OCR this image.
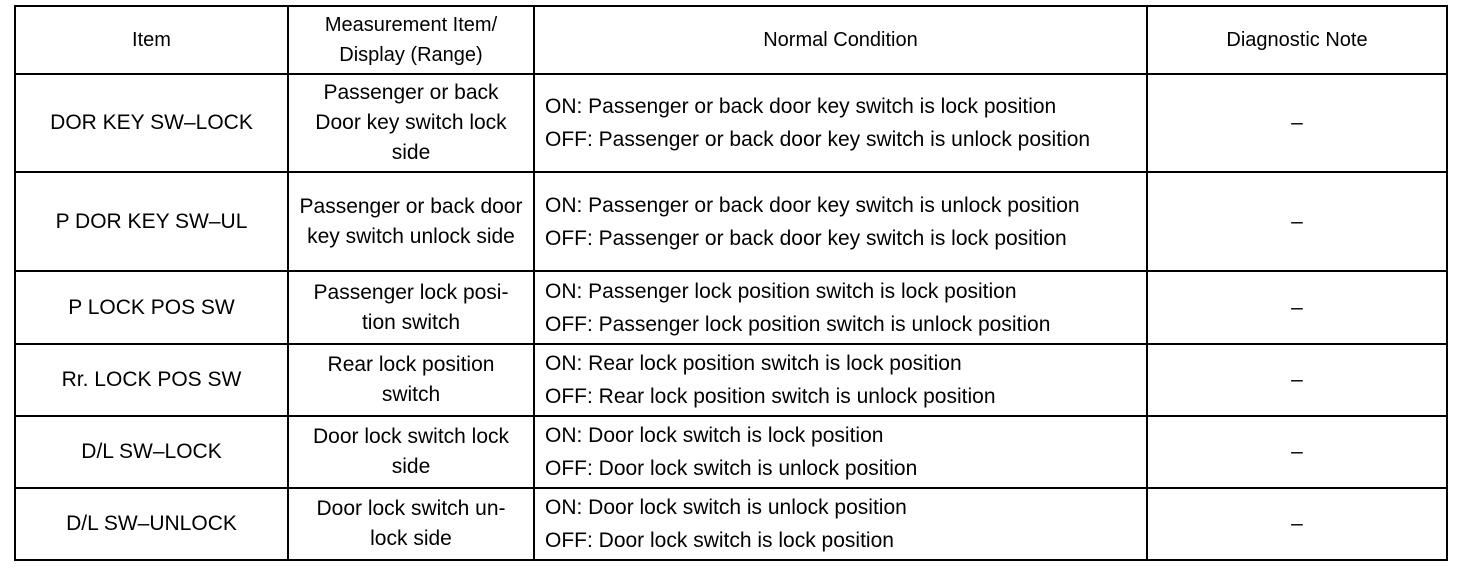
Item	Measurement Item/
Display (Range)	Normal Condition	Diagnostic Note
DOR KEY SW–LOCK	Passenger or back Door key switch lock side	ON: Passenger or back door key switch is lock position
OFF: Passenger or back door key switch is unlock position	–
P DOR KEY SW–UL	Passenger or back door key switch unlock side	ON: Passenger or back door key switch is unlock position
OFF: Passenger or back door key switch is lock position	–
P LOCK POS SW	Passenger lock posi- tion switch	ON: Passenger lock position switch is lock position
OFF: Passenger lock position switch is unlock position	–
Rr. LOCK POS SW	Rear lock position switch	ON: Rear lock position switch is lock position
OFF: Rear lock position switch is unlock position	–
D/L SW–LOCK	Door lock switch lock side	ON: Door lock switch is lock position
OFF: Door lock switch is unlock position	–
D/L SW–UNLOCK	Door lock switch un- lock side	ON: Door lock switch is unlock position
OFF: Door lock switch is lock position	–
